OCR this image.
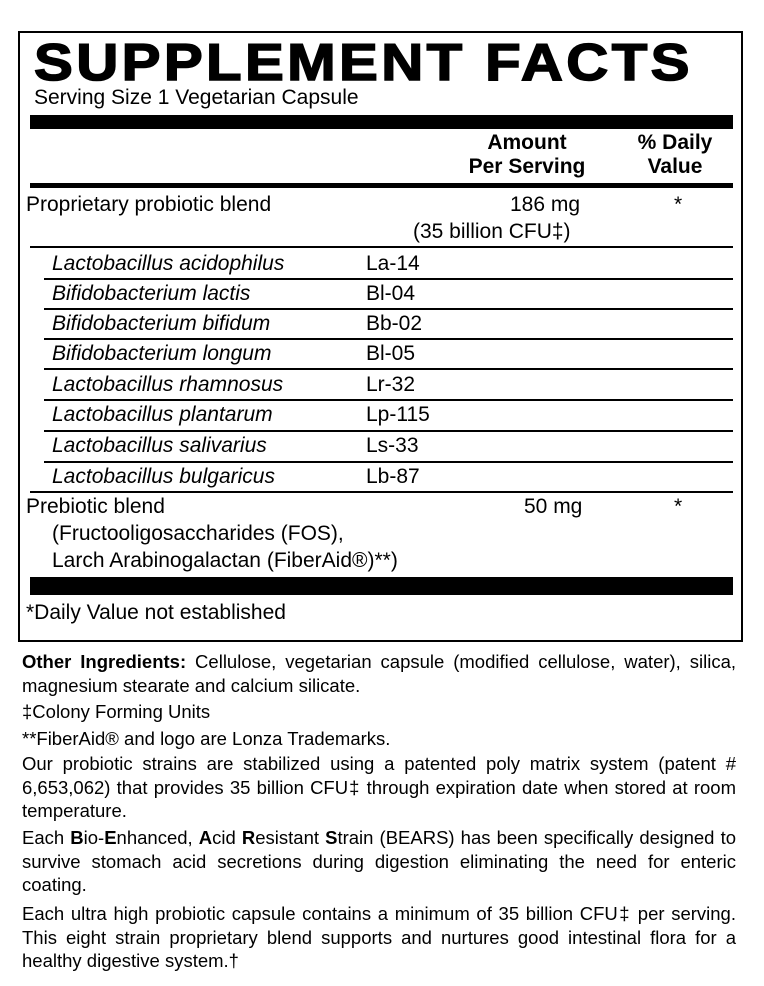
SUPPLEMENT FACTS
Serving Size 1 Vegetarian Capsule
Amount
Per Serving
% Daily
Value
Proprietary probiotic blend	186 mg	*
(35 billion CFU‡)
Lactobacillus acidophilus	La-14
Bifidobacterium lactis	Bl-04
Bifidobacterium bifidum	Bb-02
Bifidobacterium longum	Bl-05
Lactobacillus rhamnosus	Lr-32
Lactobacillus plantarum	Lp-115
Lactobacillus salivarius	Ls-33
Lactobacillus bulgaricus	Lb-87
Prebiotic blend	50 mg	*
(Fructooligosaccharides (FOS),
Larch Arabinogalactan (FiberAid®)**)
*Daily Value not established
Other Ingredients: Cellulose, vegetarian capsule (modified cellulose, water), silica, magnesium stearate and calcium silicate.
‡Colony Forming Units
**FiberAid® and logo are Lonza Trademarks.
Our probiotic strains are stabilized using a patented poly matrix system (patent # 6,653,062) that provides 35 billion CFU‡ through expiration date when stored at room temperature.
Each Bio-Enhanced, Acid Resistant Strain (BEARS) has been specifically designed to survive stomach acid secretions during digestion eliminating the need for enteric coating.
Each ultra high probiotic capsule contains a minimum of 35 billion CFU‡ per serving. This eight strain proprietary blend supports and nurtures good intestinal flora for a healthy digestive system.†
